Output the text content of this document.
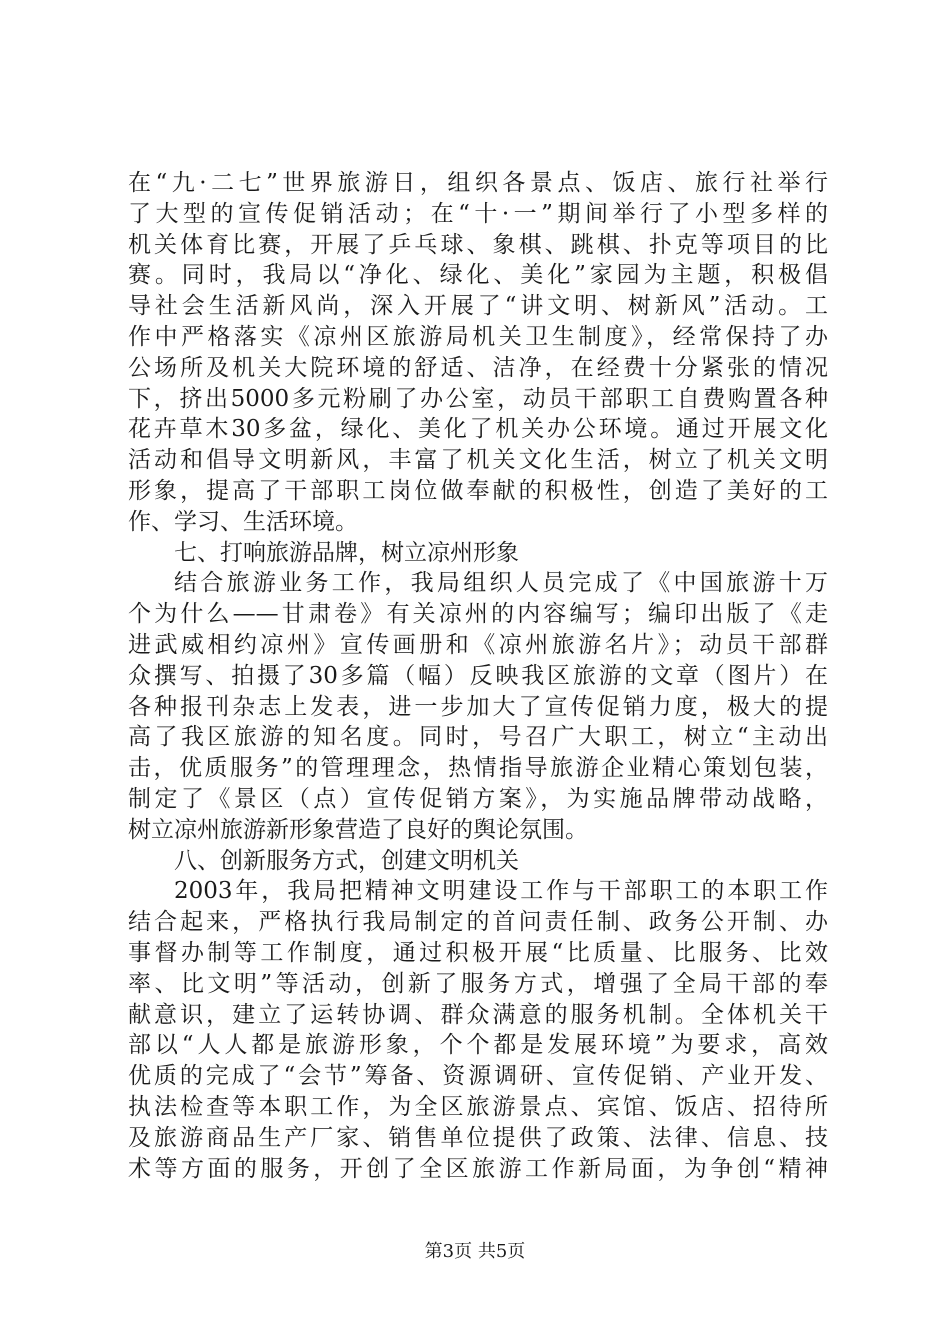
在“九·二七”世界旅游日，组织各景点、饭店、旅行社举行
了大型的宣传促销活动；在“十·一”期间举行了小型多样的
机关体育比赛，开展了乒乓球、象棋、跳棋、扑克等项目的比
赛。同时，我局以“净化、绿化、美化”家园为主题，积极倡
导社会生活新风尚，深入开展了“讲文明、树新风”活动。工
作中严格落实《凉州区旅游局机关卫生制度》，经常保持了办
公场所及机关大院环境的舒适、洁净，在经费十分紧张的情况
下，挤出5000多元粉刷了办公室，动员干部职工自费购置各种
花卉草木30多盆，绿化、美化了机关办公环境。通过开展文化
活动和倡导文明新风，丰富了机关文化生活，树立了机关文明
形象，提高了干部职工岗位做奉献的积极性，创造了美好的工
作、学习、生活环境。
七、打响旅游品牌，树立凉州形象
结合旅游业务工作，我局组织人员完成了《中国旅游十万
个为什么——甘肃卷》有关凉州的内容编写；编印出版了《走
进武威相约凉州》宣传画册和《凉州旅游名片》；动员干部群
众撰写、拍摄了30多篇（幅）反映我区旅游的文章（图片）在
各种报刊杂志上发表，进一步加大了宣传促销力度，极大的提
高了我区旅游的知名度。同时，号召广大职工，树立“主动出
击，优质服务”的管理理念，热情指导旅游企业精心策划包装，
制定了《景区（点）宣传促销方案》，为实施品牌带动战略，
树立凉州旅游新形象营造了良好的舆论氛围。
八、创新服务方式，创建文明机关
2003年，我局把精神文明建设工作与干部职工的本职工作
结合起来，严格执行我局制定的首问责任制、政务公开制、办
事督办制等工作制度，通过积极开展“比质量、比服务、比效
率、比文明”等活动，创新了服务方式，增强了全局干部的奉
献意识，建立了运转协调、群众满意的服务机制。全体机关干
部以“人人都是旅游形象，个个都是发展环境”为要求，高效
优质的完成了“会节”筹备、资源调研、宣传促销、产业开发、
执法检查等本职工作，为全区旅游景点、宾馆、饭店、招待所
及旅游商品生产厂家、销售单位提供了政策、法律、信息、技
术等方面的服务，开创了全区旅游工作新局面，为争创“精神
第3页 共5页
